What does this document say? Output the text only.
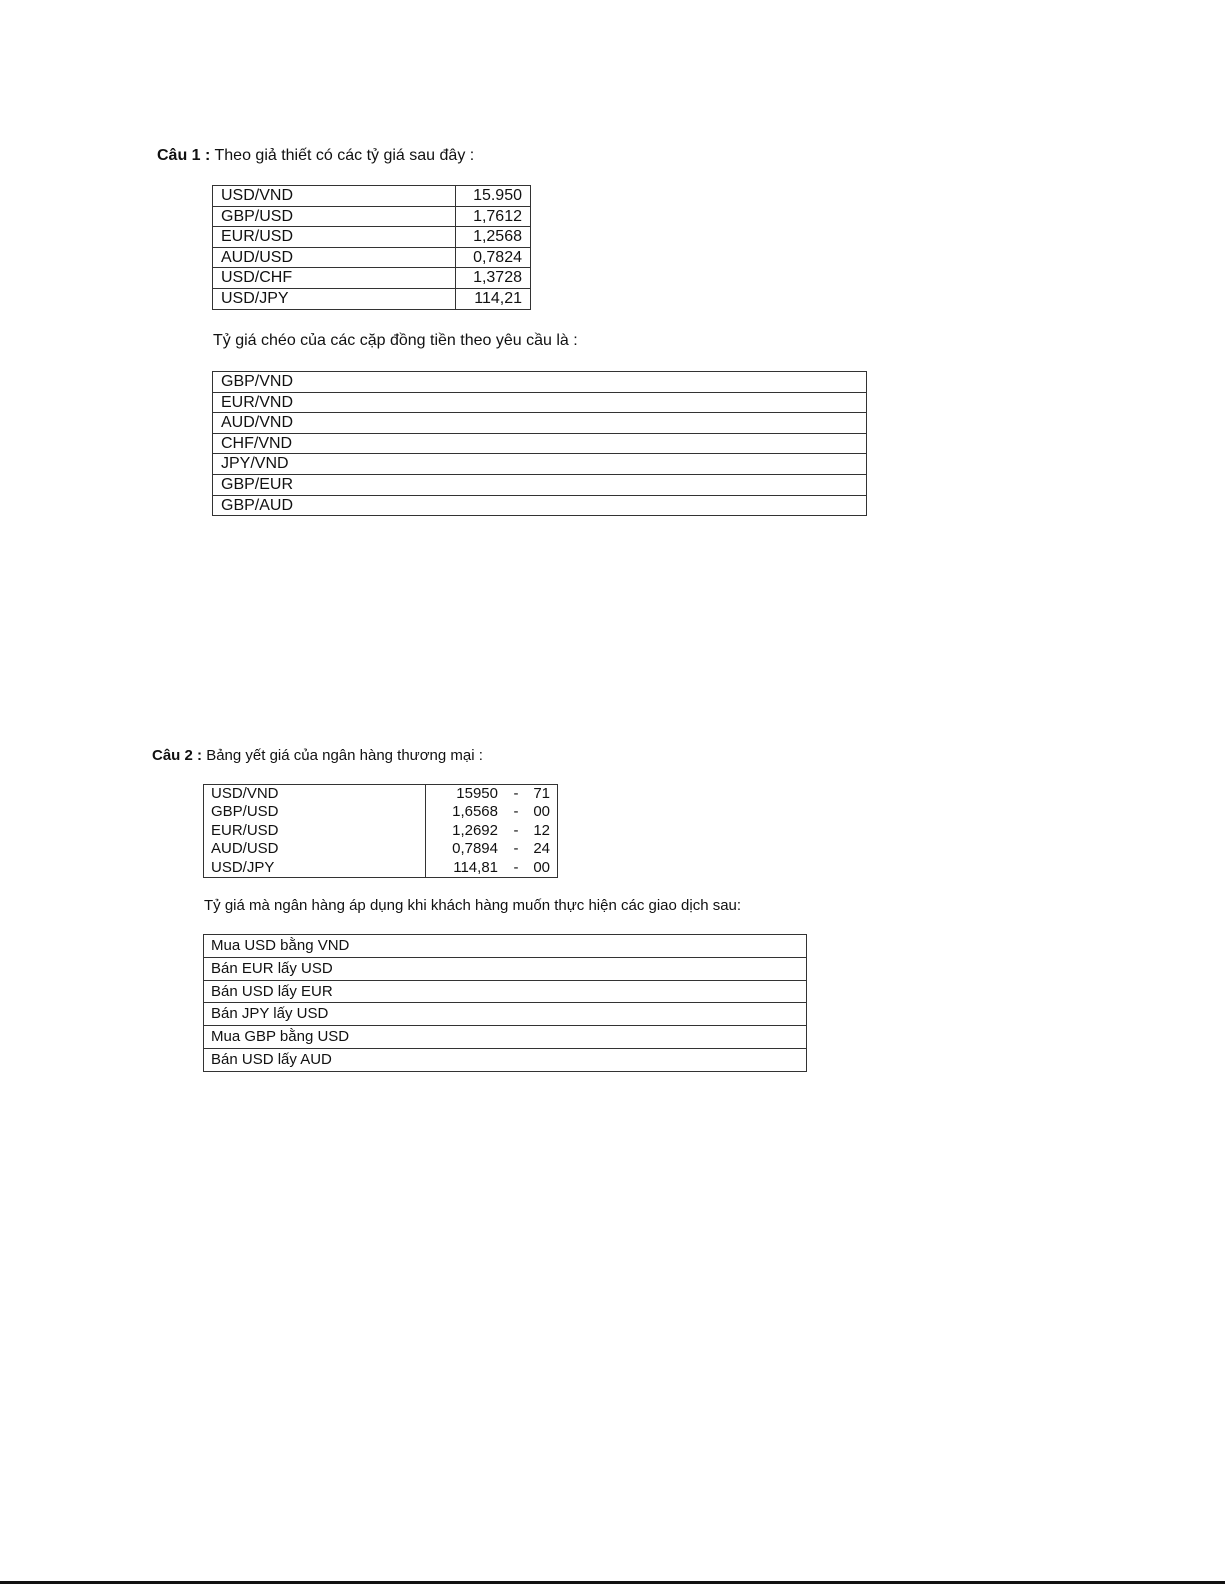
Câu 1 : Theo giả thiết có các tỷ giá sau đây :
USD/VND	15.950
GBP/USD	1,7612
EUR/USD	1,2568
AUD/USD	0,7824
USD/CHF	1,3728
USD/JPY	114,21
Tỷ giá chéo của các cặp đồng tiền theo yêu cầu là :
GBP/VND
EUR/VND
AUD/VND
CHF/VND
JPY/VND
GBP/EUR
GBP/AUD
Câu 2 : Bảng yết giá của ngân hàng thương mại :
USD/VND	15950	-	71
GBP/USD	1,6568	-	00
EUR/USD	1,2692	-	12
AUD/USD	0,7894	-	24
USD/JPY	114,81	-	00
Tỷ giá mà ngân hàng áp dụng khi khách hàng muốn thực hiện các giao dịch sau:
Mua USD bằng VND
Bán EUR lấy USD
Bán USD lấy EUR
Bán JPY lấy USD
Mua GBP bằng USD
Bán USD lấy AUD
